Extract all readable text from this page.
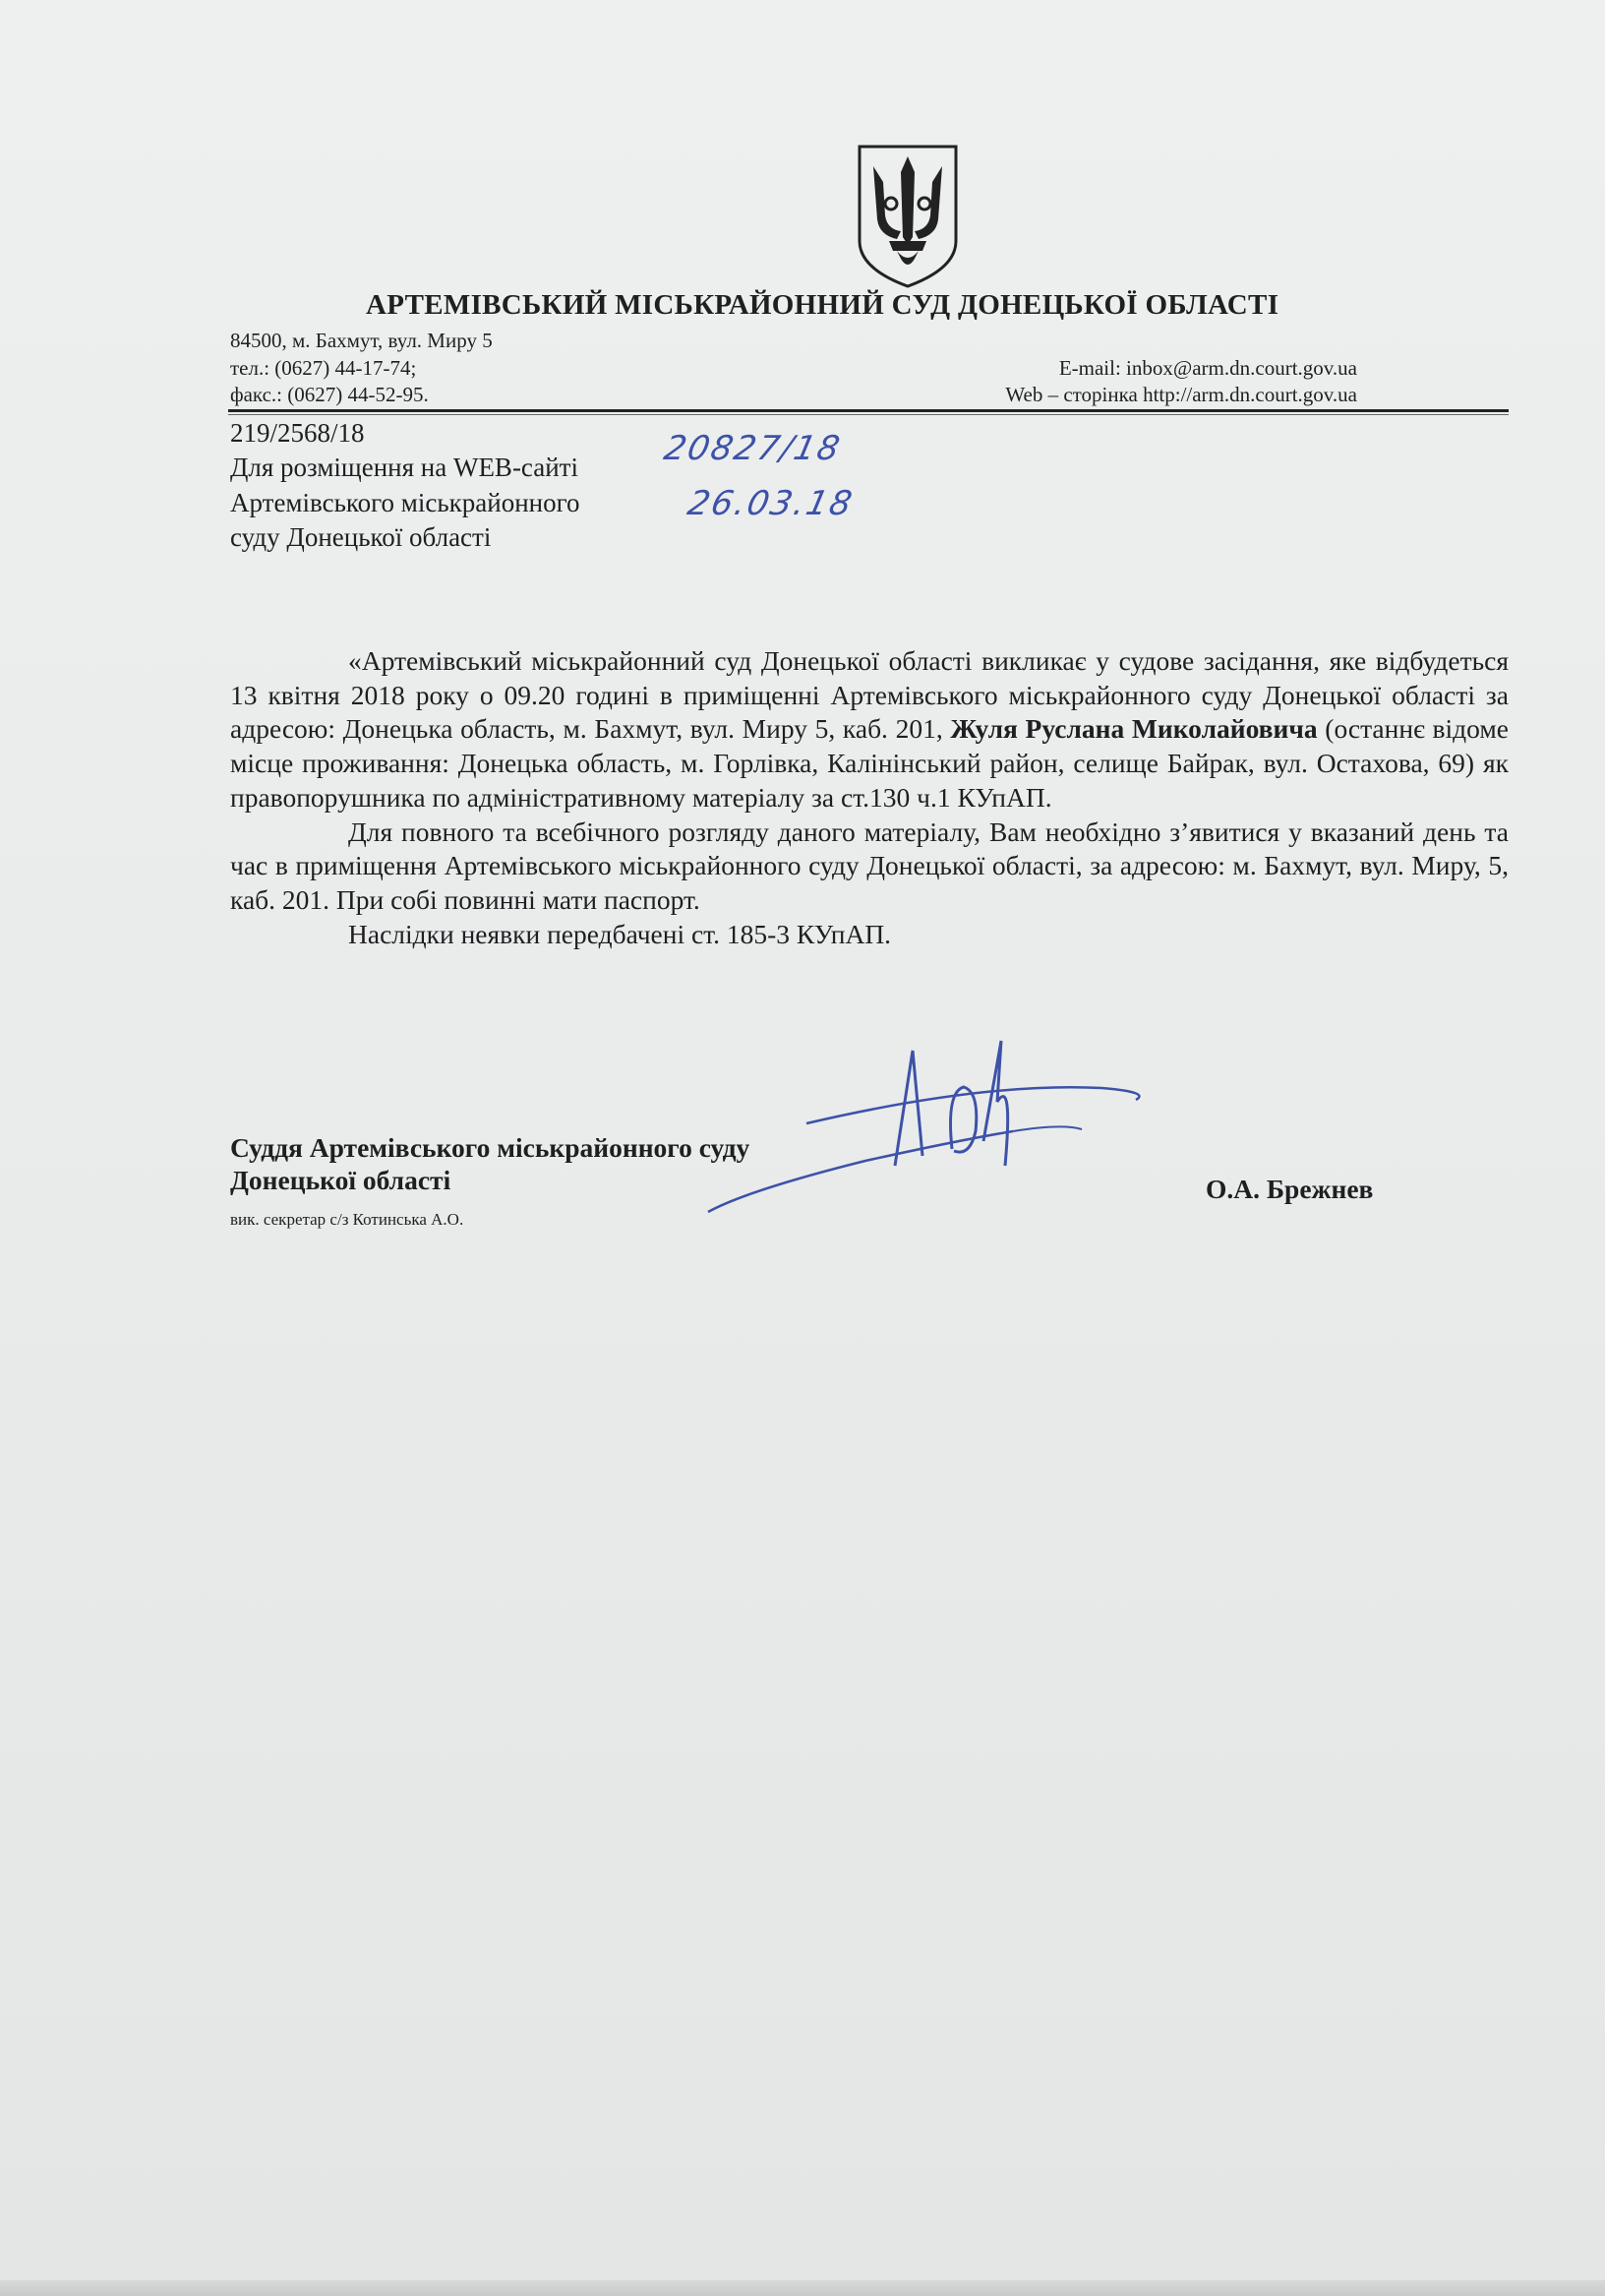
АРТЕМІВСЬКИЙ МІСЬКРАЙОННИЙ СУД ДОНЕЦЬКОЇ ОБЛАСТІ
84500, м. Бахмут, вул. Миру 5
тел.: (0627) 44-17-74;
факс.: (0627) 44-52-95.
E-mail: inbox@arm.dn.court.gov.ua
Web – сторінка http://arm.dn.court.gov.ua
219/2568/18
Для розміщення на WEB-сайті
Артемівського міськрайонного
суду Донецької області
20827/18
26.03.18

«Артемівський міськрайонний суд Донецької області викликає у судове засідання, яке відбудеться 13 квітня 2018 року о 09.20 годині в приміщенні Артемівського міськрайонного суду Донецької області за адресою: Донецька область, м. Бахмут, вул. Миру 5, каб. 201, Жуля Руслана Миколайовича (останнє відоме місце проживання: Донецька область, м. Горлівка, Калінінський район, селище Байрак, вул. Остахова, 69) як правопорушника по адміністративному матеріалу за ст.130 ч.1 КУпАП.

Для повного та всебічного розгляду даного матеріалу, Вам необхідно з’явитися у вказаний день та час в приміщення Артемівського міськрайонного суду Донецької області, за адресою: м. Бахмут, вул. Миру, 5, каб. 201. При собі повинні мати паспорт.

Наслідки неявки передбачені ст. 185-3 КУпАП.

Суддя Артемівського міськрайонного суду
Донецької області	О.А. Брежнев
вик. секретар с/з Котинська А.О.
